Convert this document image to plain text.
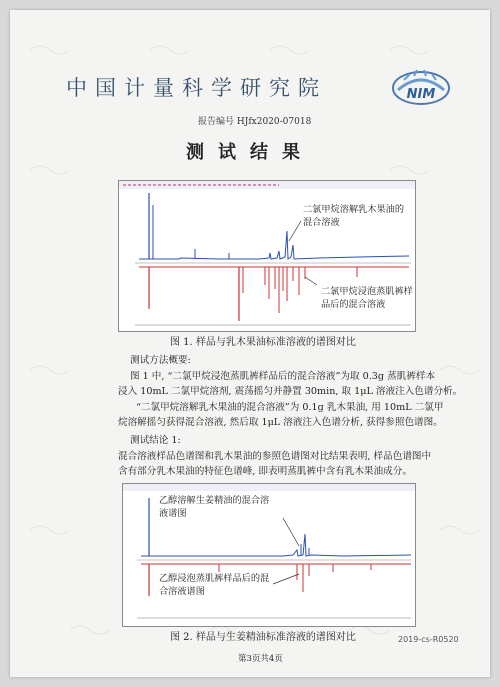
中国计量科学研究院	NIM
报告编号 HJfx2020-07018
测试结果
二氯甲烷溶解乳木果油的混合溶液
二氯甲烷浸泡蒸肌裤样品后的混合溶液
图 1. 样品与乳木果油标准溶液的谱图对比

测试方法概要:

图 1 中, “二氯甲烷浸泡蒸肌裤样品后的混合溶液”为取 0.3g 蒸肌裤样本

浸入 10mL 二氯甲烷溶剂, 震荡摇匀并静置 30min, 取 1μL 溶液注入色谱分析。

“二氯甲烷溶解乳木果油的混合溶液”为 0.1g 乳木果油, 用 10mL 二氯甲

烷溶解摇匀获得混合溶液, 然后取 1μL 溶液注入色谱分析, 获得参照色谱图。

测试结论 1:

混合溶液样品色谱图和乳木果油的参照色谱图对比结果表明, 样品色谱图中

含有部分乳木果油的特征色谱峰, 即表明蒸肌裤中含有乳木果油成分。

乙醇溶解生姜精油的混合溶
液谱图
乙醇浸泡蒸肌裤样品后的混
合溶液谱图
图 2. 样品与生姜精油标准溶液的谱图对比	2019-cs-R0520
第3页共4页
